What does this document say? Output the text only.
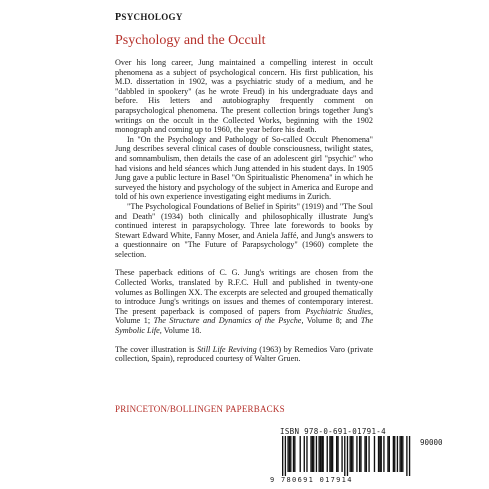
PSYCHOLOGY
Psychology and the Occult

Over his long career, Jung maintained a compelling interest in occult phenomena as a subject of psychological concern. His first publication, his M.D. dissertation in 1902, was a psychiatric study of a medium, and he "dabbled in spookery" (as he wrote Freud) in his undergraduate days and before. His letters and autobiography frequently comment on parapsychological phenomena. The present collection brings together Jung's writings on the occult in the Collected Works, beginning with the 1902 monograph and coming up to 1960, the year before his death.

In "On the Psychology and Pathology of So-called Occult Phenomena" Jung describes several clinical cases of double consciousness, twilight states, and somnambulism, then details the case of an adolescent girl "psychic" who had visions and held séances which Jung attended in his student days. In 1905 Jung gave a public lecture in Basel "On Spiritualistic Phenomena" in which he surveyed the history and psychology of the subject in America and Europe and told of his own experience investigating eight mediums in Zurich.

"The Psychological Foundations of Belief in Spirits" (1919) and "The Soul and Death" (1934) both clinically and philosophically illustrate Jung's continued interest in parapsychology. Three late forewords to books by Stewart Edward White, Fanny Moser, and Aniela Jaffé, and Jung's answers to a questionnaire on "The Future of Parapsychology" (1960) complete the selection.

These paperback editions of C. G. Jung's writings are chosen from the Collected Works, translated by R.F.C. Hull and published in twenty-one volumes as Bollingen XX. The excerpts are selected and grouped thematically to introduce Jung's writings on issues and themes of contemporary interest. The present paperback is composed of papers from Psychiatric Studies, Volume 1; The Structure and Dynamics of the Psyche, Volume 8; and The Symbolic Life, Volume 18.

The cover illustration is Still Life Reviving (1963) by Remedios Varo (private collection, Spain), reproduced courtesy of Walter Gruen.

PRINCETON/BOLLINGEN PAPERBACKS
ISBN 978-0-691-01791-4
90000
9 780691 017914
